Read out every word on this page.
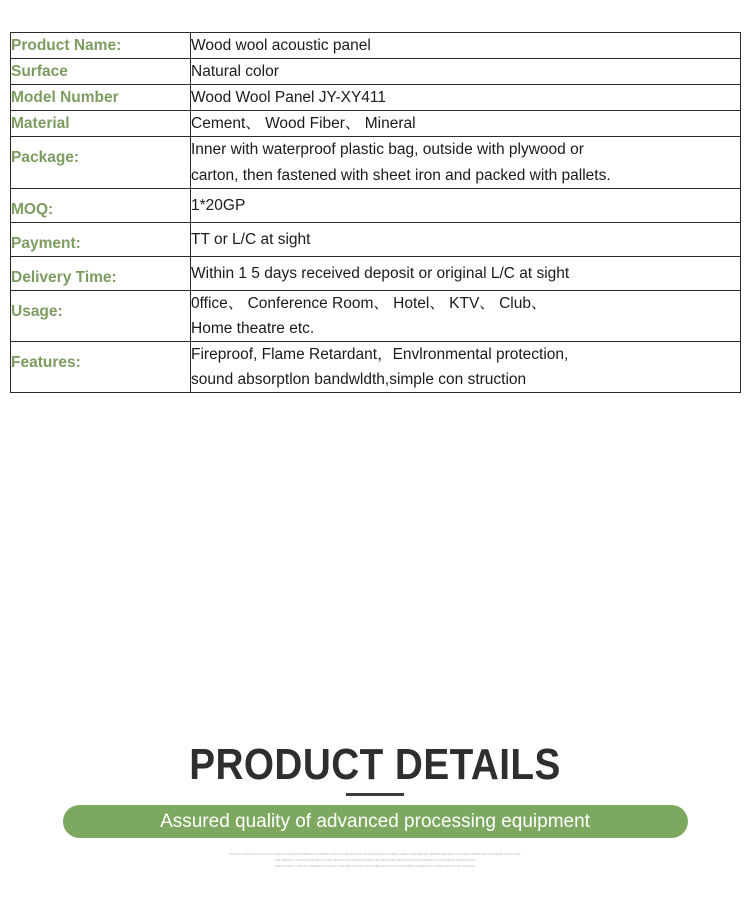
Product Name:	Wood wool acoustic panel

Surface	Natural color

Model Number	Wood Wool Panel JY-XY411

Material	Cement、 Wood Fiber、 Mineral

Package:	Inner with waterproof plastic bag, outside with plywood or
carton, then fastened with sheet iron and packed with pallets.

MOQ:	1*20GP

Payment:	TT or L/C at sight

Delivery Time:	Within 1 5 days received deposit or original L/C at sight

Usage:	0ffice、 Conference Room、 Hotel、 KTV、 Club、
Home theatre etc.

Features:	Fireproof, Flame Retardant，Envlronmental protection,
sound absorptlon bandwldth,simple con struction
PRODUCT DETAILS
Assured quality of advanced processing equipment
NATURAL WOOD WOOL ACOUSTIC PANEL IS AN ENVIRONMENTALLY FRIENDLY DECORATIVE MATERIAL MADE FROM WOOD FIBER CEMENT AND MINERAL BINDER PRESSED AND CURED UNDER HIGH PRESSURE CONDITIONS
THE PRODUCT OFFERS EXCELLENT SOUND ABSORPTION FIRE RESISTANCE AND MOISTURE RESISTANCE PERFORMANCE FOR INTERIOR APPLICATIONS
AND IS WIDELY USED IN CONFERENCE ROOMS THEATRES STUDIOS AND OTHER ACOUSTIC ENVIRONMENTS REQUIRING CONSISTENT SOUND CONTROL
